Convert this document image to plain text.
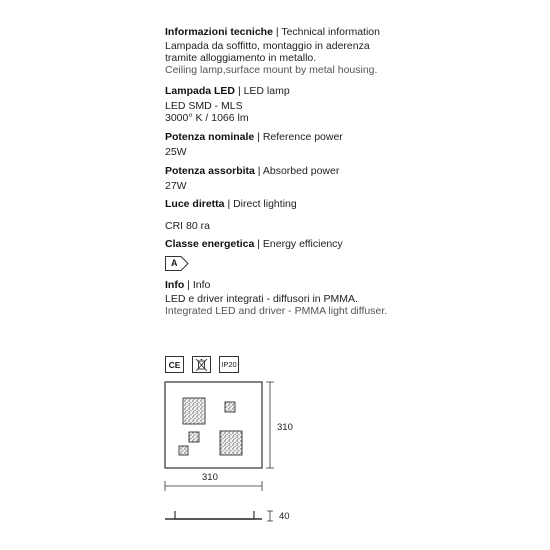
Informazioni tecniche | Technical information
Lampada da soffitto, montaggio in aderenza
tramite alloggiamento in metallo.
Ceiling lamp,surface mount by metal housing.
Lampada LED | LED lamp
LED SMD - MLS
3000° K / 1066 lm
Potenza nominale | Reference power
25W
Potenza assorbita | Absorbed power
27W
Luce diretta | Direct lighting
CRI 80 ra
Classe energetica | Energy efficiency
A
Info | Info
LED e driver integrati - diffusori in PMMA.
Integrated LED and driver - PMMA light diffuser.
CE	IP20
310
310
40
